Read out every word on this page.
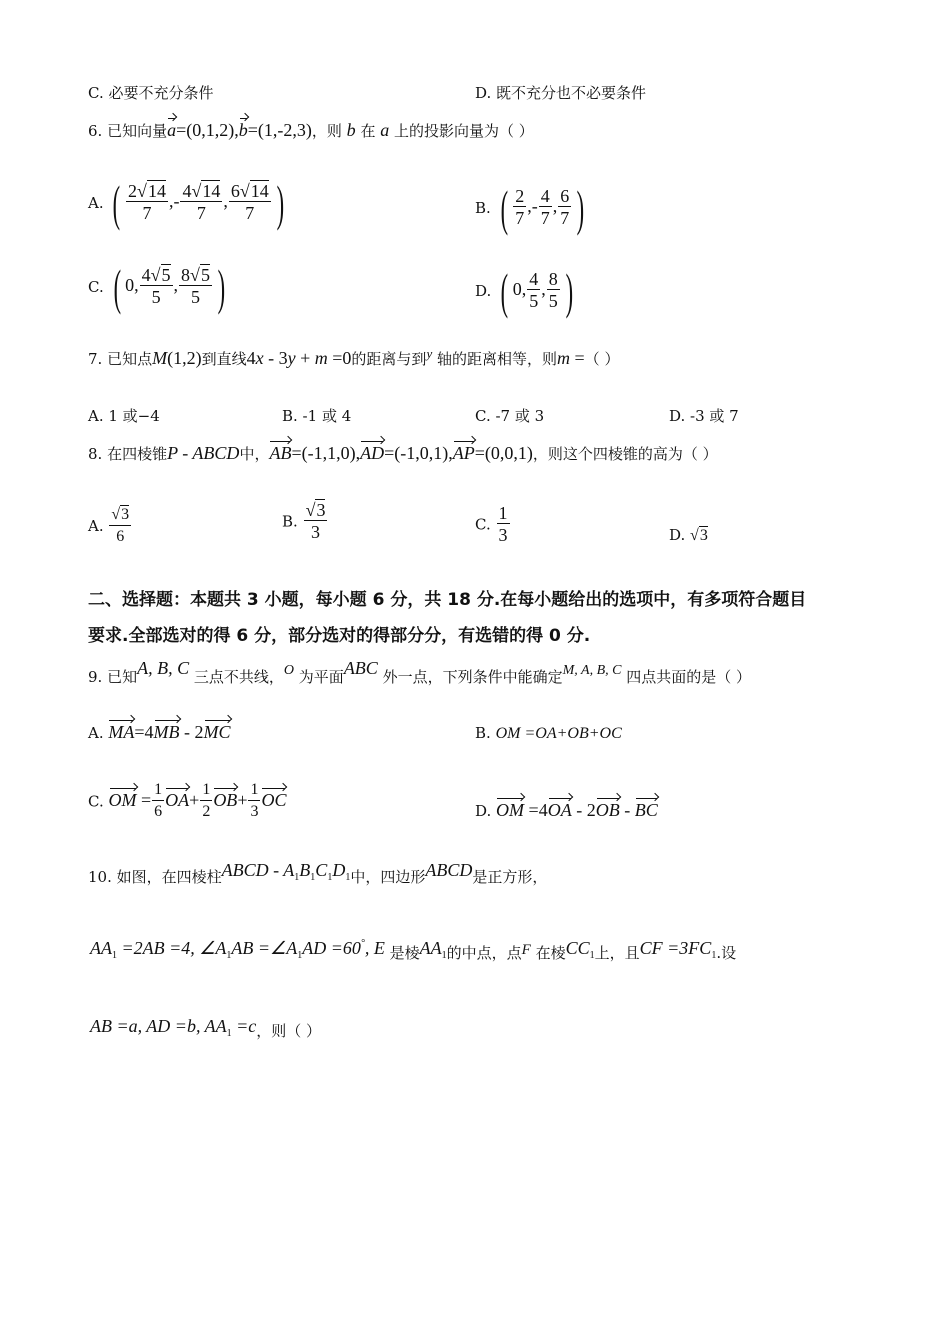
C. 必要不充分条件	D. 既不充分也不必要条件
6. 已知向量a=(0,1,2),b=(1,-2,3)，则 b 在 a 上的投影向量为（ ）
A. ( $\frac{2√14}{7}$ ,- $\frac{4√14}{7}$ , $\frac{6√14}{7}$ )	B. ( $\frac{2}{7}$ ,- $\frac{4}{7}$ , $\frac{6}{7}$ )
C. ( 0, $\frac{4√5}{5}$ , $\frac{8√5}{5}$ )	D. ( 0, $\frac{4}{5}$ , $\frac{8}{5}$ )
7. 已知点M(1,2)到直线4x - 3y + m =0的距离与到y 轴的距离相等，则m =（ ）
A. 1 或−4	B. -1 或 4	C. -7 或 3	D. -3 或 7
8. 在四棱锥P - ABCD中，AB=(-1,1,0),AD=(-1,0,1),AP=(0,0,1)，则这个四棱锥的高为（ ）
A. $\frac{√3}{6}$	B. $\frac{√3}{3}$	C. $\frac{1}{3}$	D. √3
二、选择题：本题共 3 小题，每小题 6 分，共 18 分.在每小题给出的选项中，有多项符合题目
要求.全部选对的得 6 分，部分选对的得部分分，有选错的得 0 分.
9. 已知A, B, C 三点不共线，O 为平面ABC 外一点，下列条件中能确定M, A, B, C 四点共面的是（ ）
A. MA=4MB - 2MC	B. OM =OA+OB+OC
C. OM = $\frac{1}{6} OA+ \frac{1}{2} OB+ \frac{1}{3}$ OC
D. OM =4OA - 2OB - BC
10. 如图，在四棱柱ABCD - $A_1B_1C_1D_1$中，四边形ABCD是正方形，
$AA_1 =2AB =4$, $\angle A_1AB$ $=\angle A_1AD =60^\circ$, E 是棱$AA_1$的中点，点F 在棱$CC_1$上，且CF $=3FC_1$.设
AB =a, AD =b, $AA_1 =c$，则（ ）
